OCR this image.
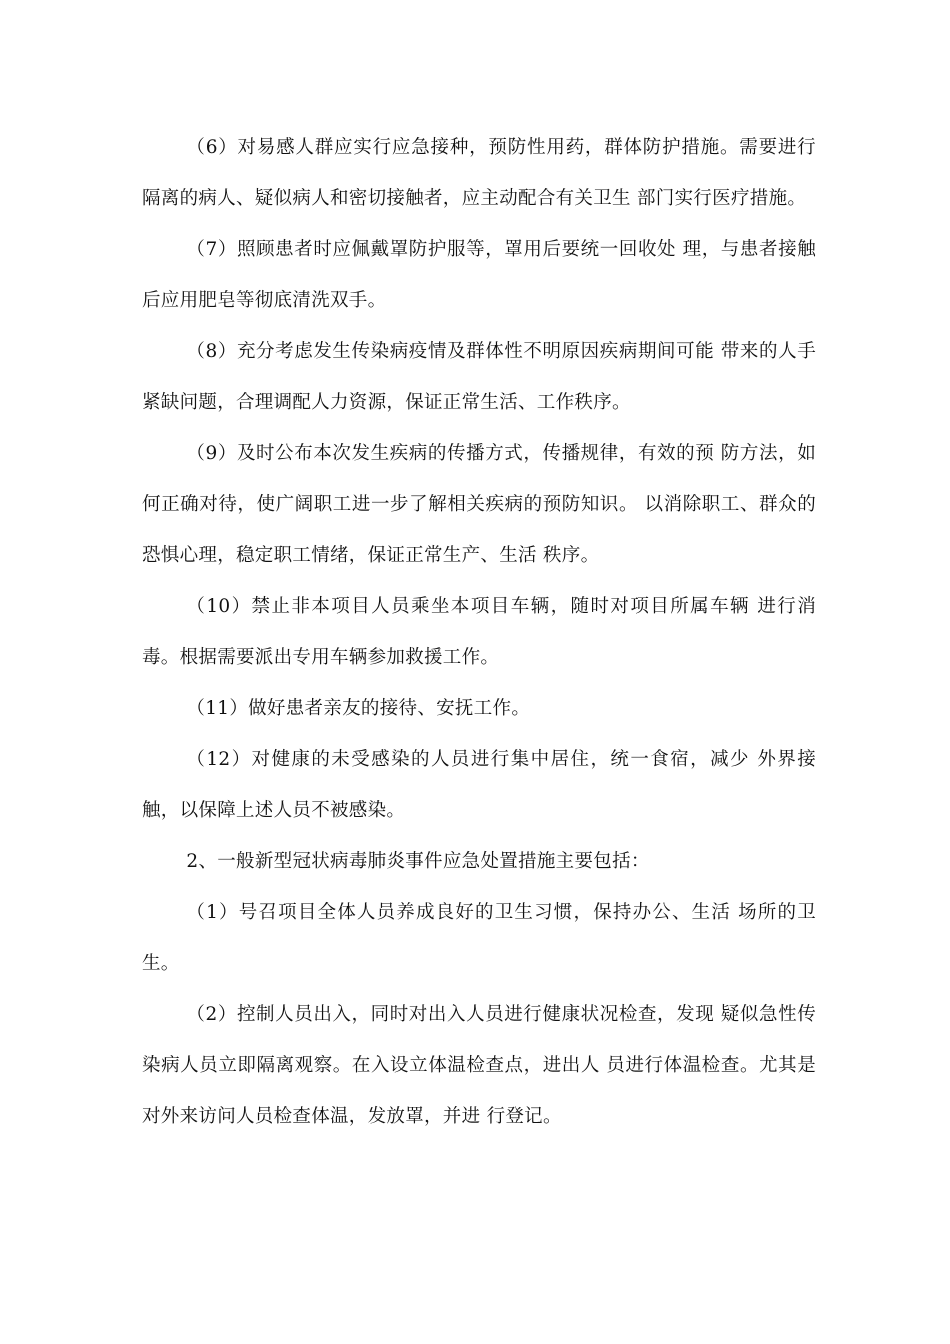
（6）对易感人群应实行应急接种，预防性用药，群体防护措施。需要进行隔离的病人、疑似病人和密切接触者，应主动配合有关卫生 部门实行医疗措施。

（7）照顾患者时应佩戴罩防护服等，罩用后要统一回收处 理，与患者接触后应用肥皂等彻底清洗双手。

（8）充分考虑发生传染病疫情及群体性不明原因疾病期间可能 带来的人手紧缺问题，合理调配人力资源，保证正常生活、工作秩序。

（9）及时公布本次发生疾病的传播方式，传播规律，有效的预 防方法，如何正确对待，使广阔职工进一步了解相关疾病的预防知识。 以消除职工、群众的恐惧心理，稳定职工情绪，保证正常生产、生活 秩序。

（10）禁止非本项目人员乘坐本项目车辆，随时对项目所属车辆 进行消毒。根据需要派出专用车辆参加救援工作。

（11）做好患者亲友的接待、安抚工作。

（12）对健康的未受感染的人员进行集中居住，统一食宿，减少 外界接触，以保障上述人员不被感染。

2、一般新型冠状病毒肺炎事件应急处置措施主要包括：

（1）号召项目全体人员养成良好的卫生习惯，保持办公、生活 场所的卫生。

（2）控制人员出入，同时对出入人员进行健康状况检查，发现 疑似急性传染病人员立即隔离观察。在入设立体温检查点，进出人 员进行体温检查。尤其是对外来访问人员检查体温，发放罩，并进 行登记。
